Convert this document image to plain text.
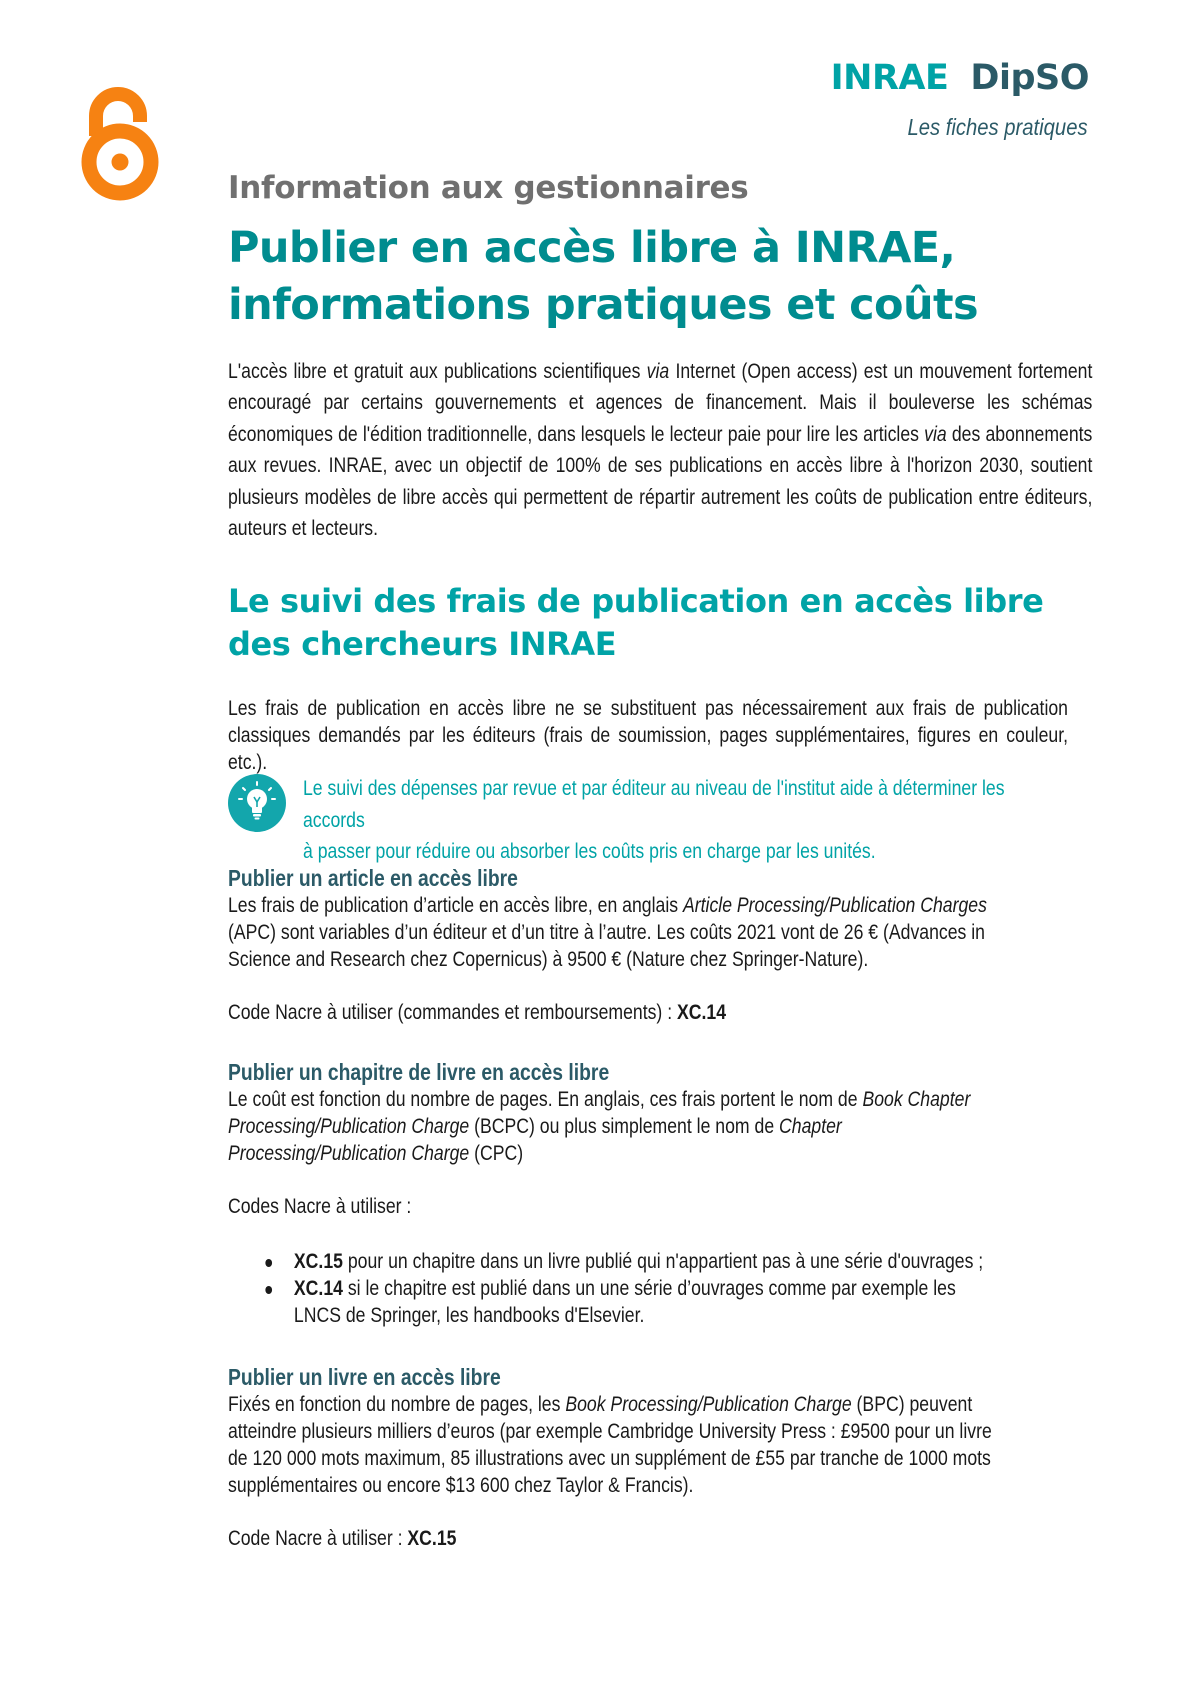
INRAE DipSO
Les fiches pratiques
Information aux gestionnaires
Publier en accès libre à INRAE,
informations pratiques et coûts

L'accès libre et gratuit aux publications scientifiques via Internet (Open access) est un mouvement fortement encouragé par certains gouvernements et agences de financement. Mais il bouleverse les schémas économiques de l'édition traditionnelle, dans lesquels le lecteur paie pour lire les articles via des abonnements aux revues. INRAE, avec un objectif de 100% de ses publications en accès libre à l'horizon 2030, soutient plusieurs modèles de libre accès qui permettent de répartir autrement les coûts de publication entre éditeurs, auteurs et lecteurs.

Le suivi des frais de publication en accès libre
des chercheurs INRAE

Les frais de publication en accès libre ne se substituent pas nécessairement aux frais de publication classiques demandés par les éditeurs (frais de soumission, pages supplémentaires, figures en couleur, etc.).

Le suivi des dépenses par revue et par éditeur au niveau de l'institut aide à déterminer les accords
à passer pour réduire ou absorber les coûts pris en charge par les unités.
Publier un article en accès libre

Les frais de publication d’article en accès libre, en anglais Article Processing/Publication Charges (APC) sont variables d’un éditeur et d’un titre à l’autre. Les coûts 2021 vont de 26 € (Advances in Science and Research chez Copernicus) à 9500 € (Nature chez Springer-Nature).

Code Nacre à utiliser (commandes et remboursements) : XC.14
Publier un chapitre de livre en accès libre

Le coût est fonction du nombre de pages. En anglais, ces frais portent le nom de Book Chapter Processing/Publication Charge (BCPC) ou plus simplement le nom de Chapter Processing/Publication Charge (CPC)

Codes Nacre à utiliser :
XC.15 pour un chapitre dans un livre publié qui n'appartient pas à une série d'ouvrages ;
XC.14 si le chapitre est publié dans un une série d’ouvrages comme par exemple les LNCS de Springer, les handbooks d'Elsevier.
Publier un livre en accès libre

Fixés en fonction du nombre de pages, les Book Processing/Publication Charge (BPC) peuvent atteindre plusieurs milliers d’euros (par exemple Cambridge University Press : £9500 pour un livre de 120 000 mots maximum, 85 illustrations avec un supplément de £55 par tranche de 1000 mots supplémentaires ou encore $13 600 chez Taylor & Francis).

Code Nacre à utiliser : XC.15
